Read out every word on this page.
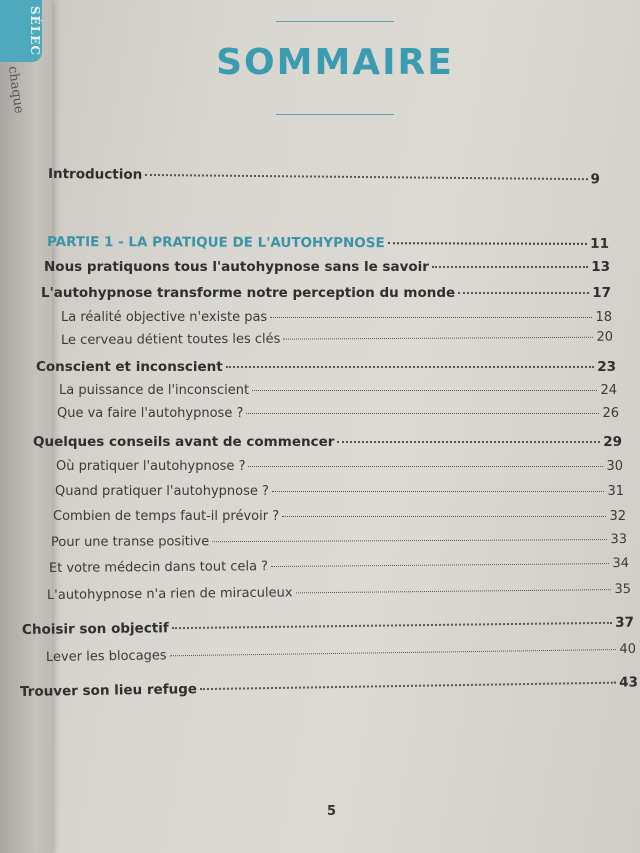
SÉLEC
chaque
SOMMAIRE
Introduction	9
PARTIE 1 - LA PRATIQUE DE L'AUTOHYPNOSE	11
Nous pratiquons tous l'autohypnose sans le savoir	13
L'autohypnose transforme notre perception du monde	17
La réalité objective n'existe pas	18
Le cerveau détient toutes les clés	20
Conscient et inconscient	23
La puissance de l'inconscient	24
Que va faire l'autohypnose ?	26
Quelques conseils avant de commencer	29
Où pratiquer l'autohypnose ?	30
Quand pratiquer l'autohypnose ?	31
Combien de temps faut-il prévoir ?	32
Pour une transe positive	33
Et votre médecin dans tout cela ?	34
L'autohypnose n'a rien de miraculeux	35
Choisir son objectif	37
Lever les blocages	40
Trouver son lieu refuge	43
5
